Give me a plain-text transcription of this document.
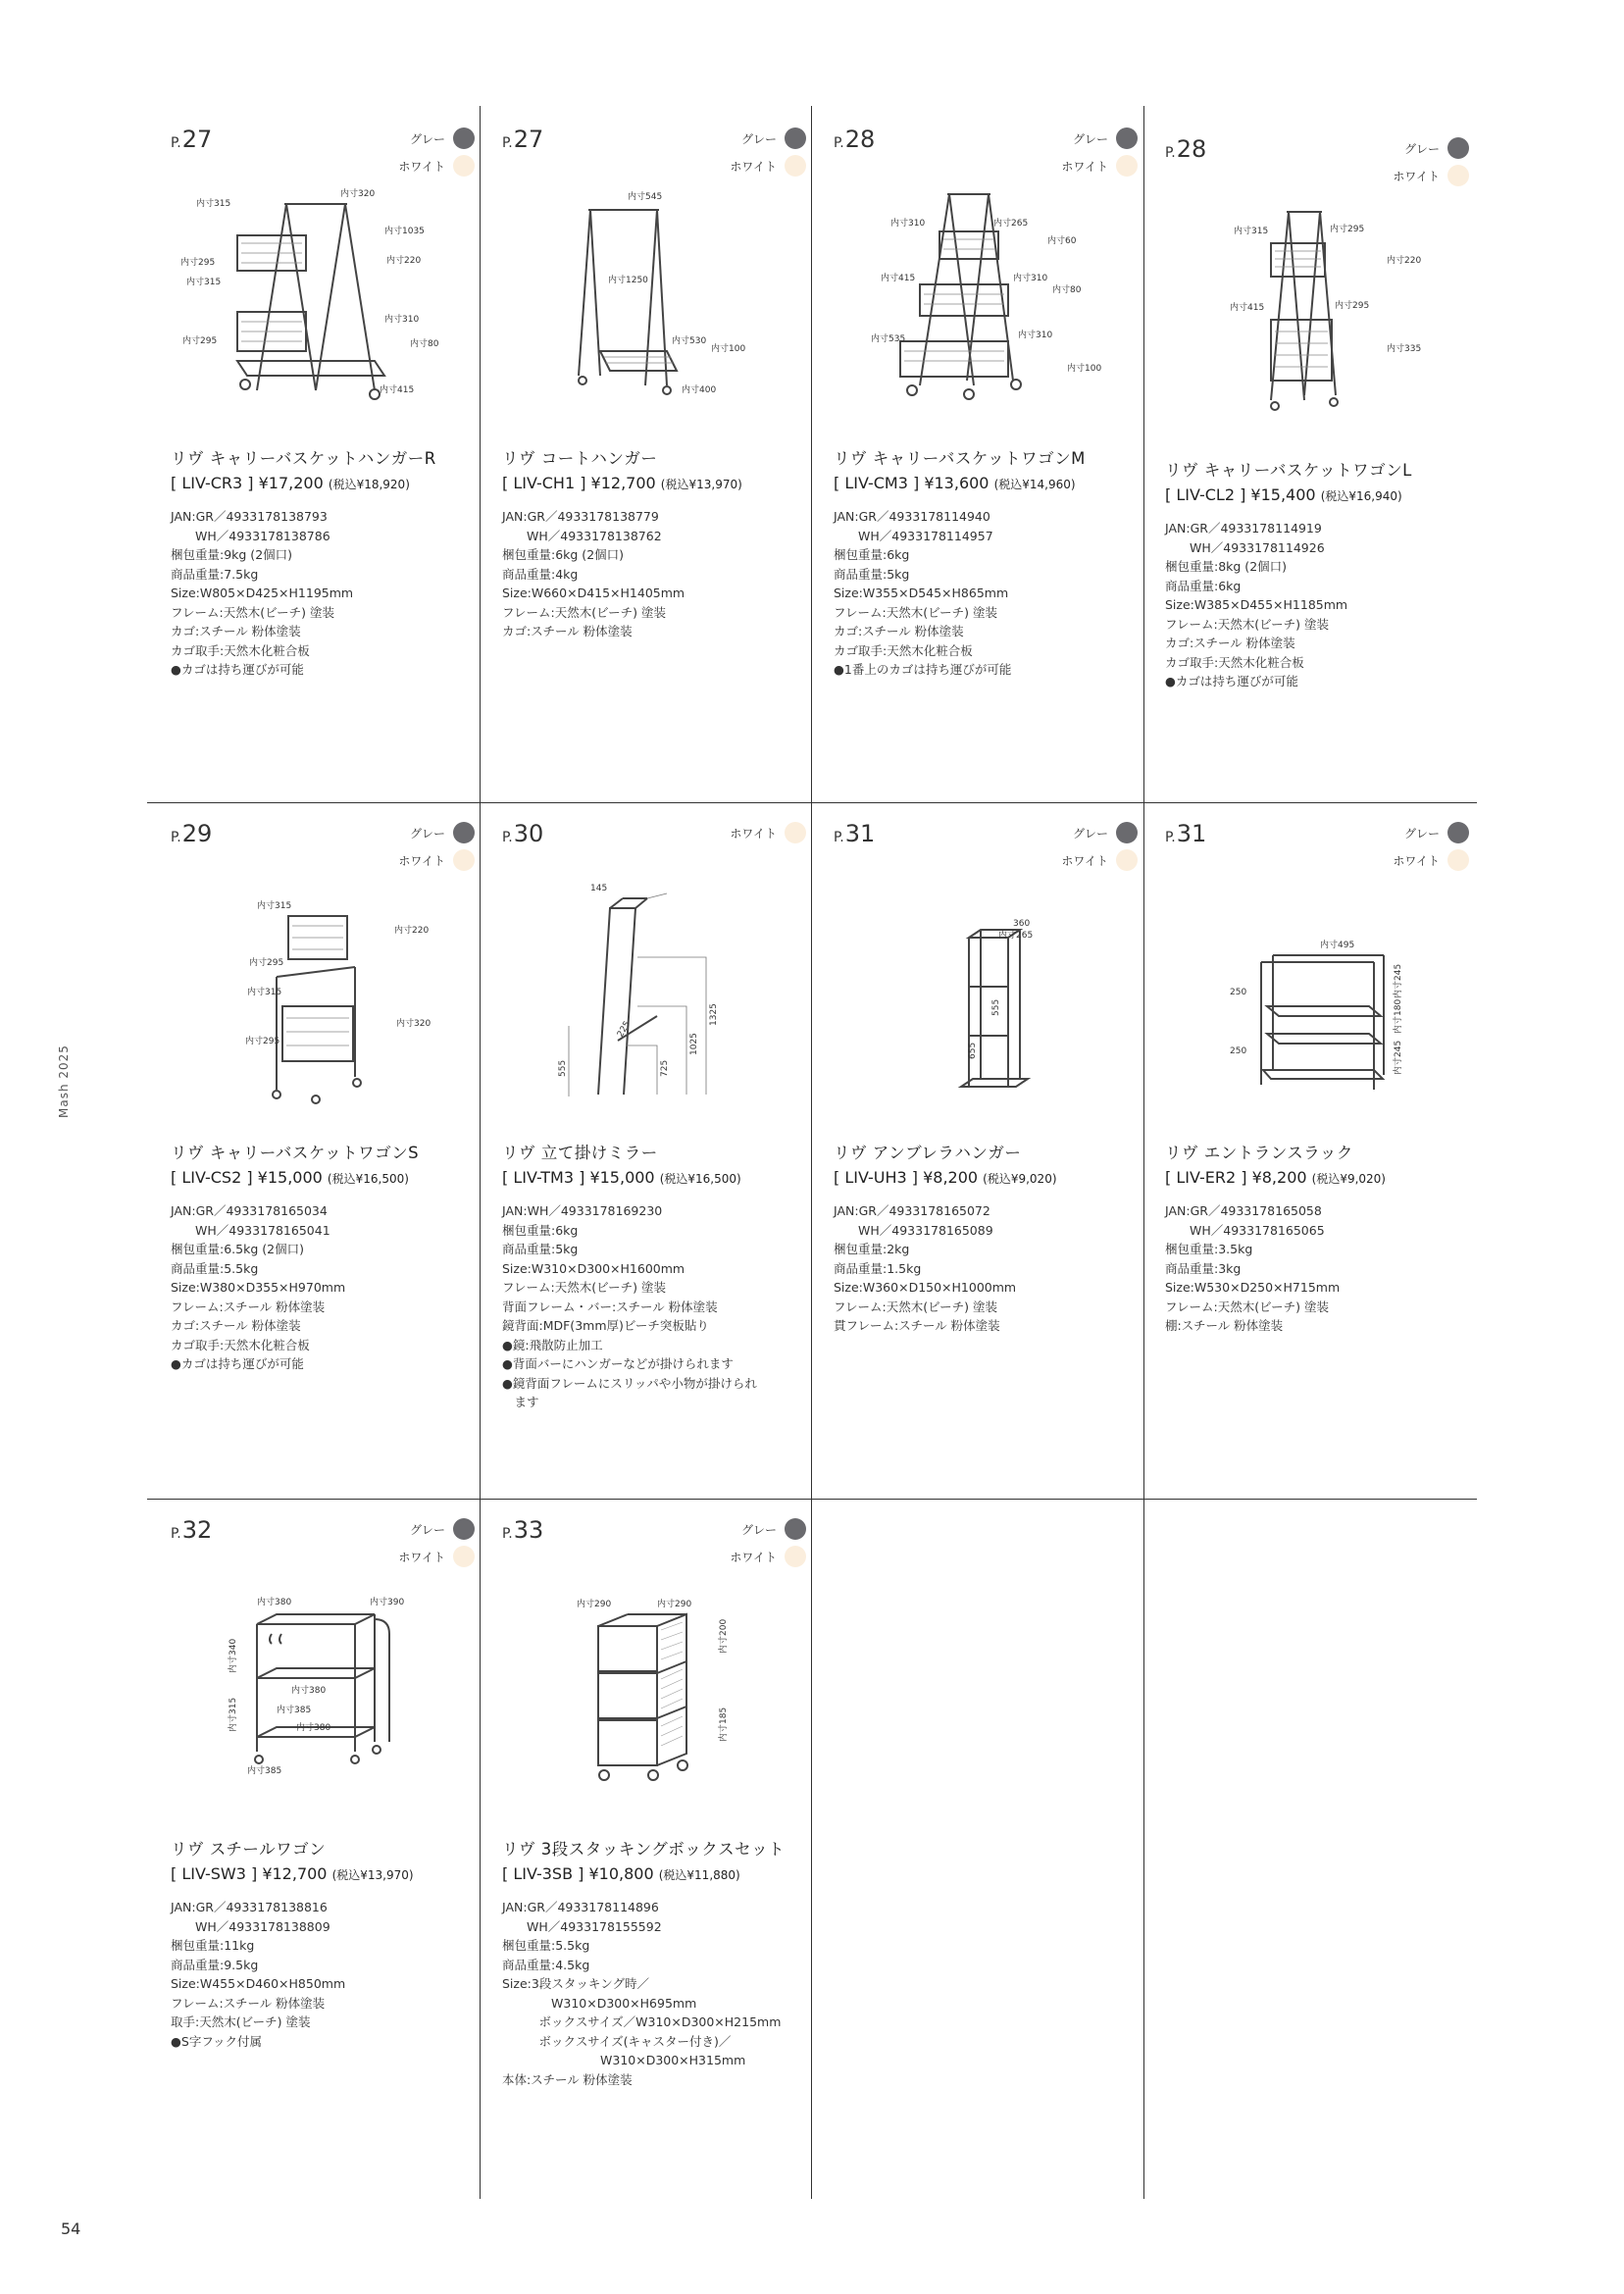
Mash 2025
54
P.27	グレー
ホワイト
内寸315
内寸320
内寸1035
内寸295	内寸220
内寸315
内寸310
内寸295	内寸80
内寸415
リヴ キャリーバスケットハンガーR
[ LIV-CR3 ] ¥17,200 (税込¥18,920)
JAN:GR／4933178138793
　　WH／4933178138786
梱包重量:9kg (2個口)
商品重量:7.5kg
Size:W805×D425×H1195mm
フレーム:天然木(ビーチ) 塗装
カゴ:スチール 粉体塗装
カゴ取手:天然木化粧合板
●カゴは持ち運びが可能
P.27	グレー
ホワイト
内寸545
内寸1250
内寸530
内寸100
内寸400
リヴ コートハンガー
[ LIV-CH1 ] ¥12,700 (税込¥13,970)
JAN:GR／4933178138779
　　WH／4933178138762
梱包重量:6kg (2個口)
商品重量:4kg
Size:W660×D415×H1405mm
フレーム:天然木(ビーチ) 塗装
カゴ:スチール 粉体塗装
P.28	グレー
ホワイト
内寸310	内寸265
内寸60
内寸415	内寸310
内寸80
内寸535	内寸310
内寸100
リヴ キャリーバスケットワゴンM
[ LIV-CM3 ] ¥13,600 (税込¥14,960)
JAN:GR／4933178114940
　　WH／4933178114957
梱包重量:6kg
商品重量:5kg
Size:W355×D545×H865mm
フレーム:天然木(ビーチ) 塗装
カゴ:スチール 粉体塗装
カゴ取手:天然木化粧合板
●1番上のカゴは持ち運びが可能
P.28	グレー
ホワイト
内寸315	内寸295
内寸220
内寸415	内寸295
内寸335
リヴ キャリーバスケットワゴンL
[ LIV-CL2 ] ¥15,400 (税込¥16,940)
JAN:GR／4933178114919
　　WH／4933178114926
梱包重量:8kg (2個口)
商品重量:6kg
Size:W385×D455×H1185mm
フレーム:天然木(ビーチ) 塗装
カゴ:スチール 粉体塗装
カゴ取手:天然木化粧合板
●カゴは持ち運びが可能
P.29	グレー
ホワイト
内寸315
内寸220
内寸295
内寸315
内寸320
内寸295
リヴ キャリーバスケットワゴンS
[ LIV-CS2 ] ¥15,000 (税込¥16,500)
JAN:GR／4933178165034
　　WH／4933178165041
梱包重量:6.5kg (2個口)
商品重量:5.5kg
Size:W380×D355×H970mm
フレーム:スチール 粉体塗装
カゴ:スチール 粉体塗装
カゴ取手:天然木化粧合板
●カゴは持ち運びが可能
P.30	ホワイト
145
1325
1025
225
725
555
リヴ 立て掛けミラー
[ LIV-TM3 ] ¥15,000 (税込¥16,500)
JAN:WH／4933178169230
梱包重量:6kg
商品重量:5kg
Size:W310×D300×H1600mm
フレーム:天然木(ビーチ) 塗装
背面フレーム・バー:スチール 粉体塗装
鏡背面:MDF(3mm厚)ビーチ突板貼り
●鏡:飛散防止加工
●背面バーにハンガーなどが掛けられます
●鏡背面フレームにスリッパや小物が掛けられ
　ます
P.31	グレー
ホワイト
360
内寸265
555
655
リヴ アンブレラハンガー
[ LIV-UH3 ] ¥8,200 (税込¥9,020)
JAN:GR／4933178165072
　　WH／4933178165089
梱包重量:2kg
商品重量:1.5kg
Size:W360×D150×H1000mm
フレーム:天然木(ビーチ) 塗装
貫フレーム:スチール 粉体塗装
P.31	グレー
ホワイト
内寸495
250	内寸245
250
内寸180
内寸245
リヴ エントランスラック
[ LIV-ER2 ] ¥8,200 (税込¥9,020)
JAN:GR／4933178165058
　　WH／4933178165065
梱包重量:3.5kg
商品重量:3kg
Size:W530×D250×H715mm
フレーム:天然木(ビーチ) 塗装
棚:スチール 粉体塗装
P.32	グレー
ホワイト
内寸380	内寸390
内寸340
内寸380
内寸315	内寸385
内寸380
内寸385
リヴ スチールワゴン
[ LIV-SW3 ] ¥12,700 (税込¥13,970)
JAN:GR／4933178138816
　　WH／4933178138809
梱包重量:11kg
商品重量:9.5kg
Size:W455×D460×H850mm
フレーム:スチール 粉体塗装
取手:天然木(ビーチ) 塗装
●S字フック付属
P.33	グレー
ホワイト
内寸290	内寸290
内寸200
内寸185
リヴ 3段スタッキングボックスセット
[ LIV-3SB ] ¥10,800 (税込¥11,880)
JAN:GR／4933178114896
　　WH／4933178155592
梱包重量:5.5kg
商品重量:4.5kg
Size:3段スタッキング時／
　　　　W310×D300×H695mm
　　　ボックスサイズ／W310×D300×H215mm
　　　ボックスサイズ(キャスター付き)／
　　　　　　　　W310×D300×H315mm
本体:スチール 粉体塗装
